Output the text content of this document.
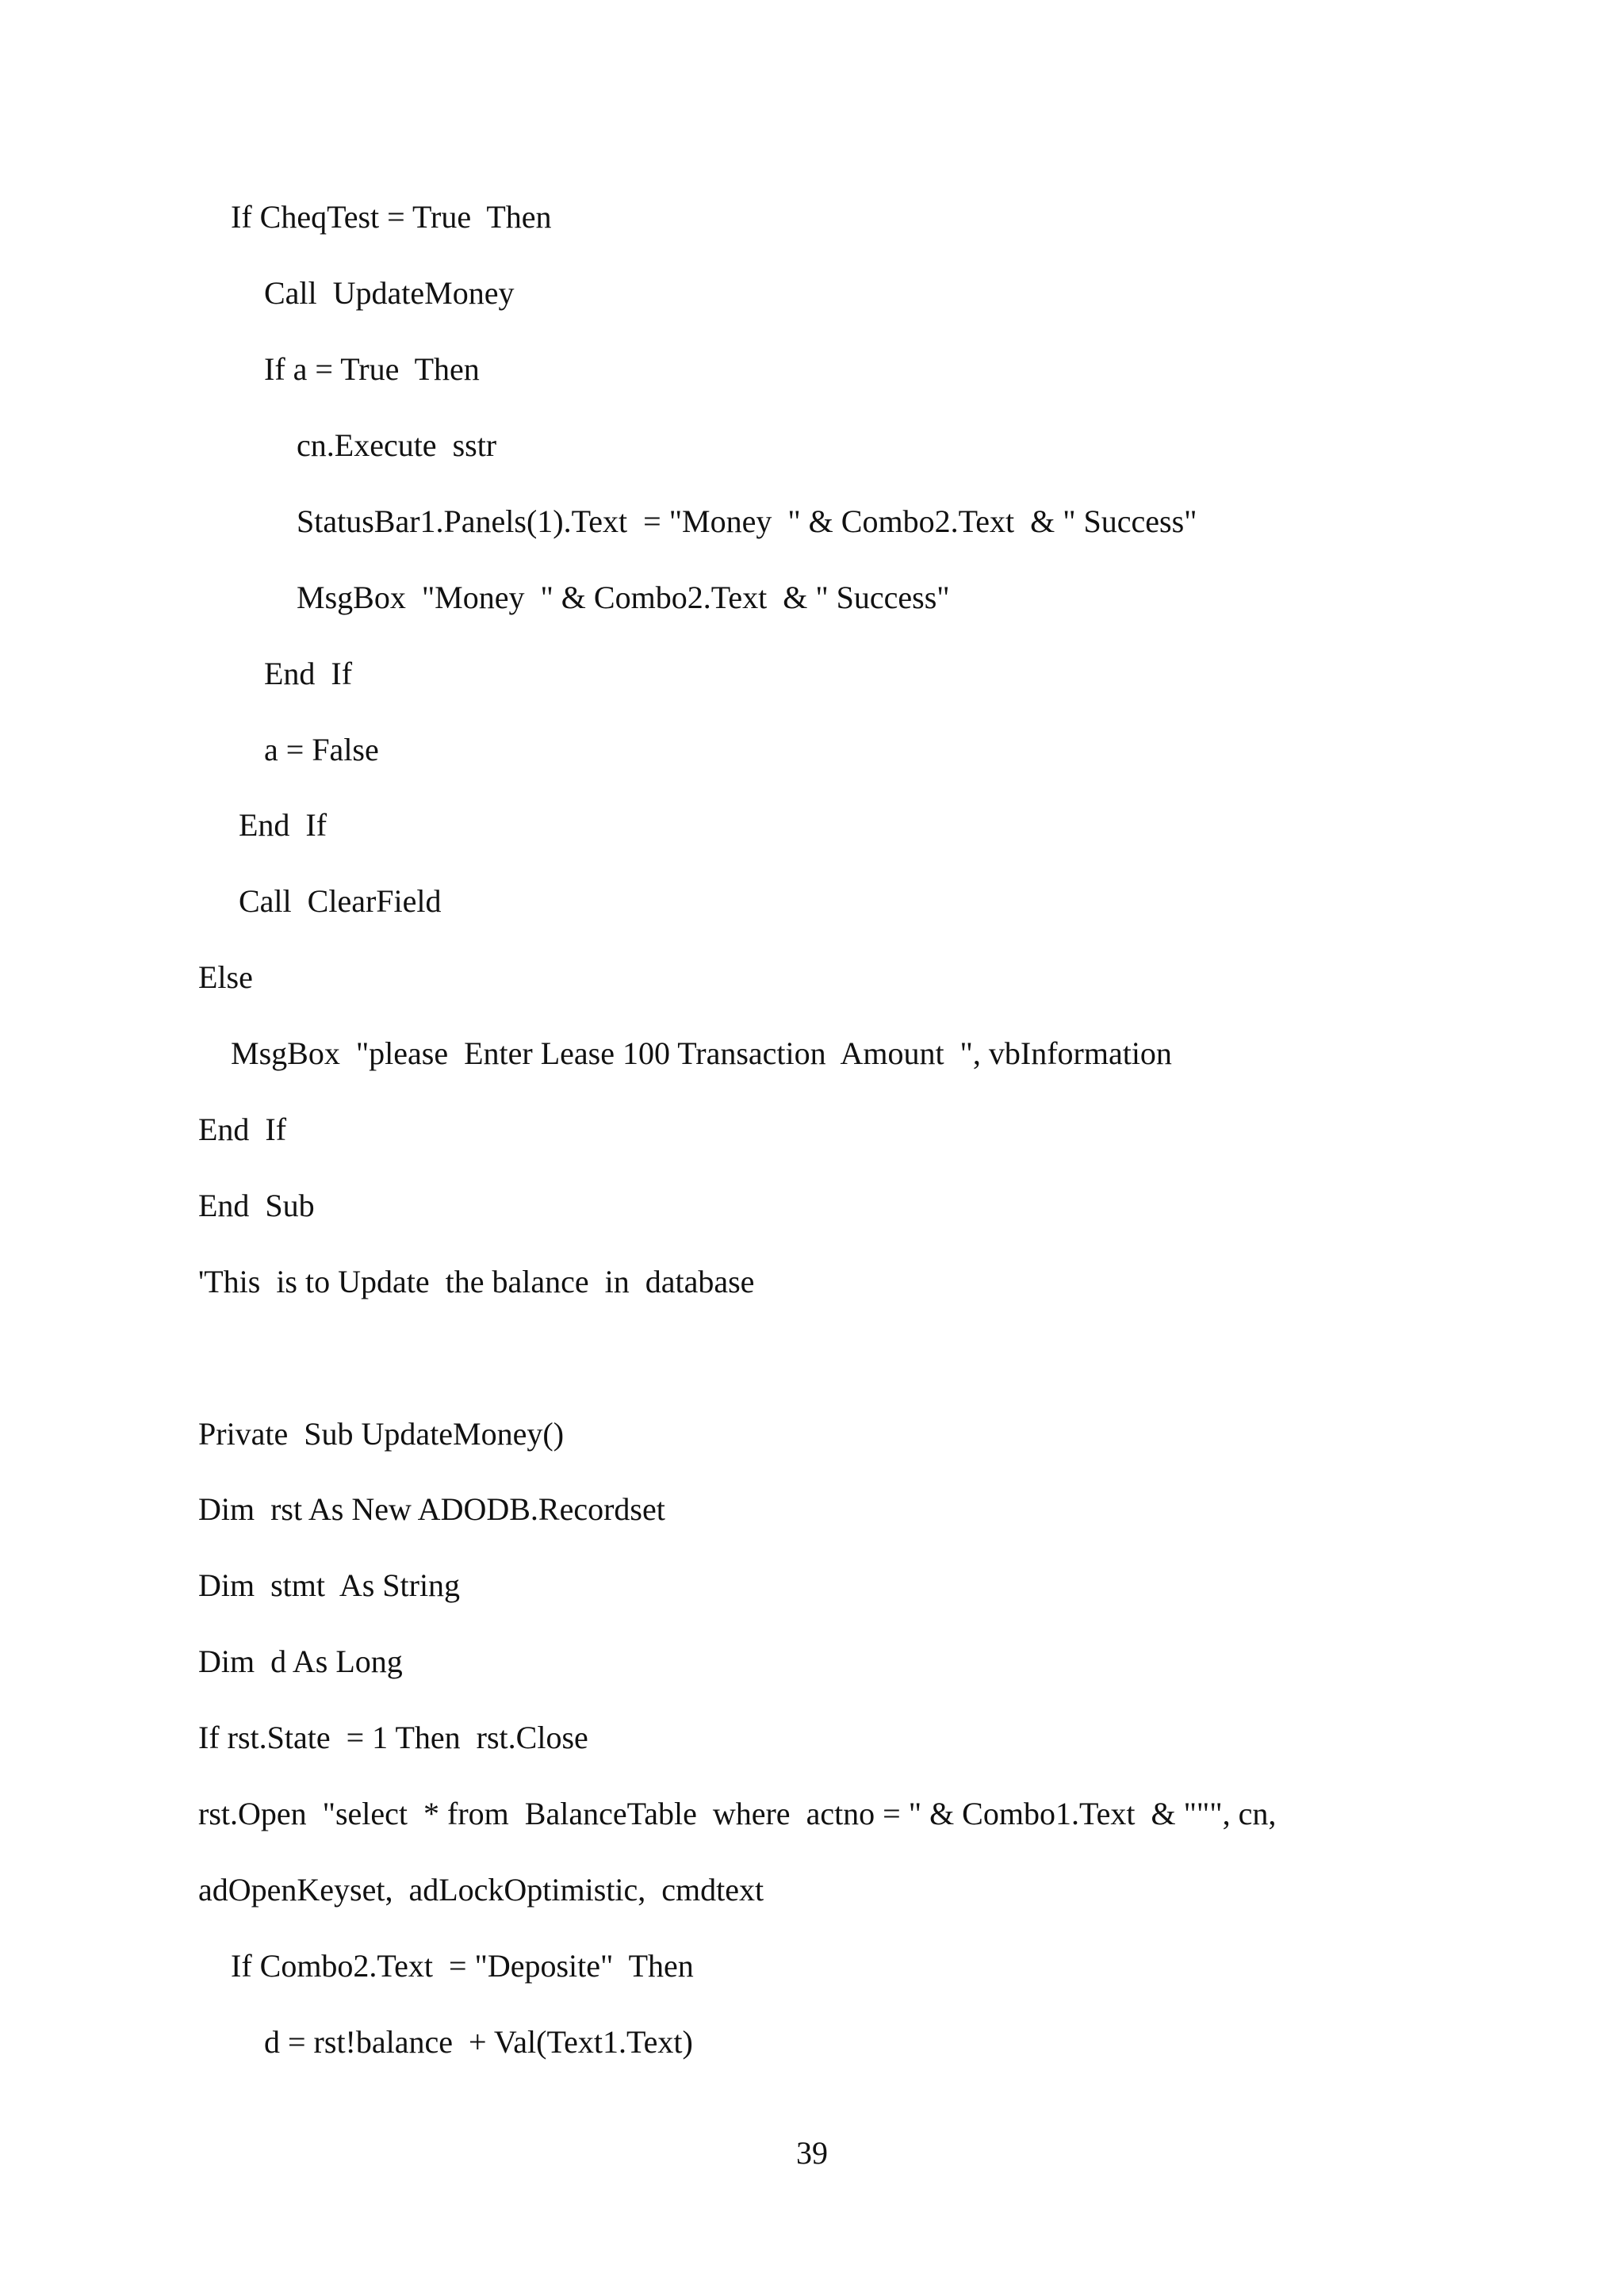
If CheqTest = True  Then
Call  UpdateMoney
If a = True  Then
cn.Execute  sstr
StatusBar1.Panels(1).Text  = "Money  " & Combo2.Text  & " Success"
MsgBox  "Money  " & Combo2.Text  & " Success"
End  If
a = False
End  If
Call  ClearField
Else
MsgBox  "please  Enter Lease 100 Transaction  Amount  ", vbInformation
End  If
End  Sub
'This  is to Update  the balance  in  database
Private  Sub UpdateMoney()
Dim  rst As New ADODB.Recordset
Dim  stmt  As String
Dim  d As Long
If rst.State  = 1 Then  rst.Close
rst.Open  "select  * from  BalanceTable  where  actno = " & Combo1.Text  & """, cn,
adOpenKeyset,  adLockOptimistic,  cmdtext
If Combo2.Text  = "Deposite"  Then
d = rst!balance  + Val(Text1.Text)
39
